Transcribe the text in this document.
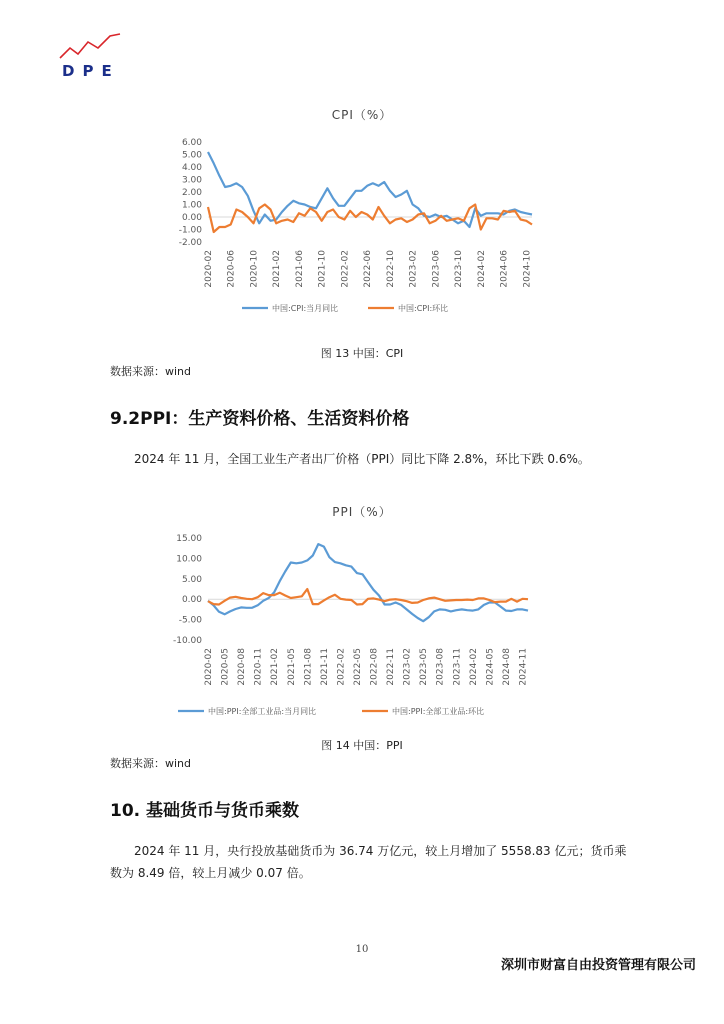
DPE
CPI（%）
6.00
5.00
4.00
3.00
2.00
1.00
0.00
-1.00
-2.00
2020-02 2020-06 2020-10 2021-02 2021-06 2021-10 2022-02 2022-06 2022-10 2023-02 2023-06 2023-10 2024-02 2024-06 2024-10
中国:CPI:当月同比	中国:CPI:环比
图 13 中国：CPI
数据来源：wind
9.2PPI：生产资料价格、生活资料价格
2024 年 11 月，全国工业生产者出厂价格（PPI）同比下降 2.8%，环比下跌 0.6%。
PPI（%）
15.00
10.00
5.00
0.00
-5.00
-10.00
2020-02 2020-05 2020-08 2020-11 2021-02 2021-05 2021-08 2021-11 2022-02 2022-05 2022-08 2022-11 2023-02 2023-05 2023-08 2023-11 2024-02 2024-05 2024-08 2024-11
中国:PPI:全部工业品:当月同比	中国:PPI:全部工业品:环比
图 14 中国：PPI
数据来源：wind
10. 基础货币与货币乘数
2024 年 11 月，央行投放基础货币为 36.74 万亿元，较上月增加了 5558.83 亿元；货币乘数为 8.49 倍，较上月减少 0.07 倍。
10
深圳市财富自由投资管理有限公司
